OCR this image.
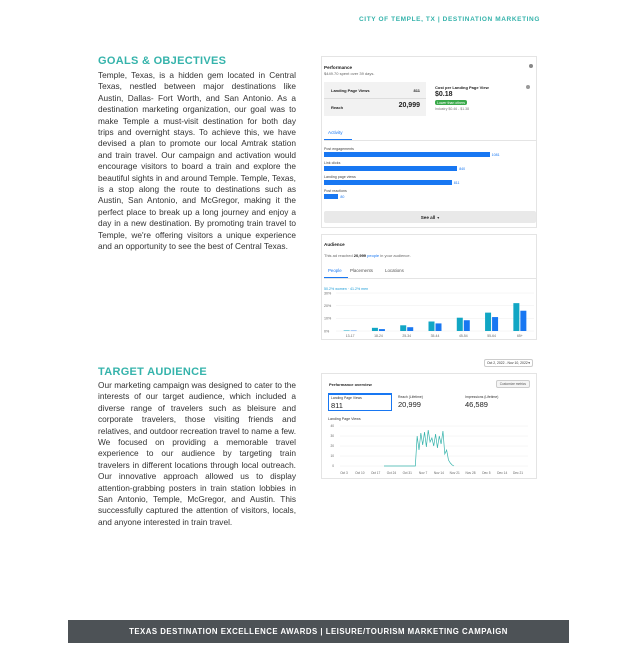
CITY OF TEMPLE, TX | DESTINATION MARKETING
GOALS & OBJECTIVES
Temple, Texas, is a hidden gem located in Central Texas, nestled between major destinations like Austin, Dallas- Fort Worth, and San Antonio. As a destination marketing organization, our goal was to make Temple a must-visit destination for both day trips and overnight stays. To achieve this, we have devised a plan to promote our local Amtrak station and train travel. Our campaign and activation would encourage visitors to board a train and explore the beautiful sights in and around Temple. Temple, Texas, is a stop along the route to destinations such as Austin, San Antonio, and McGregor, making it the perfect place to break up a long journey and enjoy a day in a new destination. By promoting train travel to Temple, we're offering visitors a unique experience and an opportunity to see the best of Central Texas.
TARGET AUDIENCE
Our marketing campaign was designed to cater to the interests of our target audience, which included a diverse range of travelers such as bleisure and corporate travelers, those visiting friends and relatives, and outdoor recreation travel to name a few. We focused on providing a memorable travel experience to our audience by targeting train travelers in different locations through local outreach. Our innovative approach allowed us to display attention-grabbing posters in train station lobbies in San Antonio, Temple, McGregor, and Austin. This successfully captured the attention of visitors, locals, and anyone interested in train travel.
Performance
$449.70 spent over 39 days.
Landing Page Views	811
Reach	20,999
Cost per Landing Page View
$0.18
Lower than others
Industry $0.46 - $1.38
Activity
Post engagements
1081
Link clicks
840
Landing page views
811
Post reactions
80
See all ▾
Audience
This ad reached 20,999 people in your audience.
People Placements	Locations
50.2% women · 41.2% men
30%
20%
10%
0%
13-17	18-24	25-34	35-44	45-54	55-64	65+
Oct 2, 2022 - Nov 10, 2022 ▾
Performance overview	Customize metrics
Landing Page Views
811
Reach (Lifetime)
20,999
Impressions (Lifetime)
46,589
Landing Page Views
40
30
20
10
0
Oct 3 Oct 10 Oct 17 Oct 24 Oct 31 Nov 7 Nov 14 Nov 21 Nov 28 Dec 5 Dec 14 Dec 21
TEXAS DESTINATION EXCELLENCE AWARDS | LEISURE/TOURISM MARKETING CAMPAIGN
